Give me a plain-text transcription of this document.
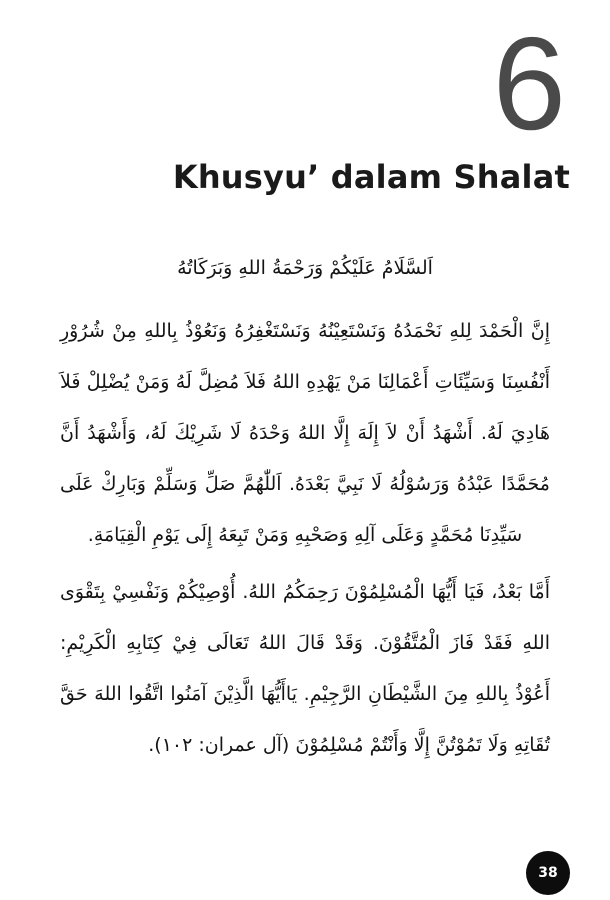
6
Khusyu’ dalam Shalat

اَلسَّلَامُ عَلَيْكُمْ وَرَحْمَةُ اللهِ وَبَرَكَاتُهُ

إِنَّ الْحَمْدَ لِلهِ نَحْمَدُهُ وَنَسْتَعِيْنُهُ وَنَسْتَغْفِرُهُ وَنَعُوْذُ بِاللهِ مِنْ شُرُوْرِ أَنْفُسِنَا وَسَيِّئَاتِ أَعْمَالِنَا مَنْ يَهْدِهِ اللهُ فَلاَ مُضِلَّ لَهُ وَمَنْ يُضْلِلْ فَلاَ هَادِيَ لَهُ. أَشْهَدُ أَنْ لاَ إِلَهَ إِلَّا اللهُ وَحْدَهُ لَا شَرِيْكَ لَهُ، وَأَشْهَدُ أَنَّ مُحَمَّدًا عَبْدُهُ وَرَسُوْلُهُ لَا نَبِيَّ بَعْدَهُ. اَللّٰهُمَّ صَلِّ وَسَلِّمْ وَبَارِكْ عَلَى سَيِّدِنَا مُحَمَّدٍ وَعَلَى آلِهِ وَصَحْبِهِ وَمَنْ تَبِعَهُ إِلَى يَوْمِ الْقِيَامَةِ.

أَمَّا بَعْدُ، فَيَا أَيُّهَا الْمُسْلِمُوْنَ رَحِمَكُمُ اللهُ. أُوْصِيْكُمْ وَنَفْسِيْ بِتَقْوَى اللهِ فَقَدْ فَازَ الْمُتَّقُوْنَ. وَقَدْ قَالَ اللهُ تَعَالَى فِيْ كِتَابِهِ الْكَرِيْمِ: أَعُوْذُ بِاللهِ مِنَ الشَّيْطَانِ الرَّجِيْمِ. يَاأَيُّهَا الَّذِيْنَ آمَنُوا اتَّقُوا اللهَ حَقَّ تُقَاتِهِ وَلَا تَمُوْتُنَّ إِلَّا وَأَنْتُمْ مُسْلِمُوْنَ (آل عمران: ١٠٢).

38
